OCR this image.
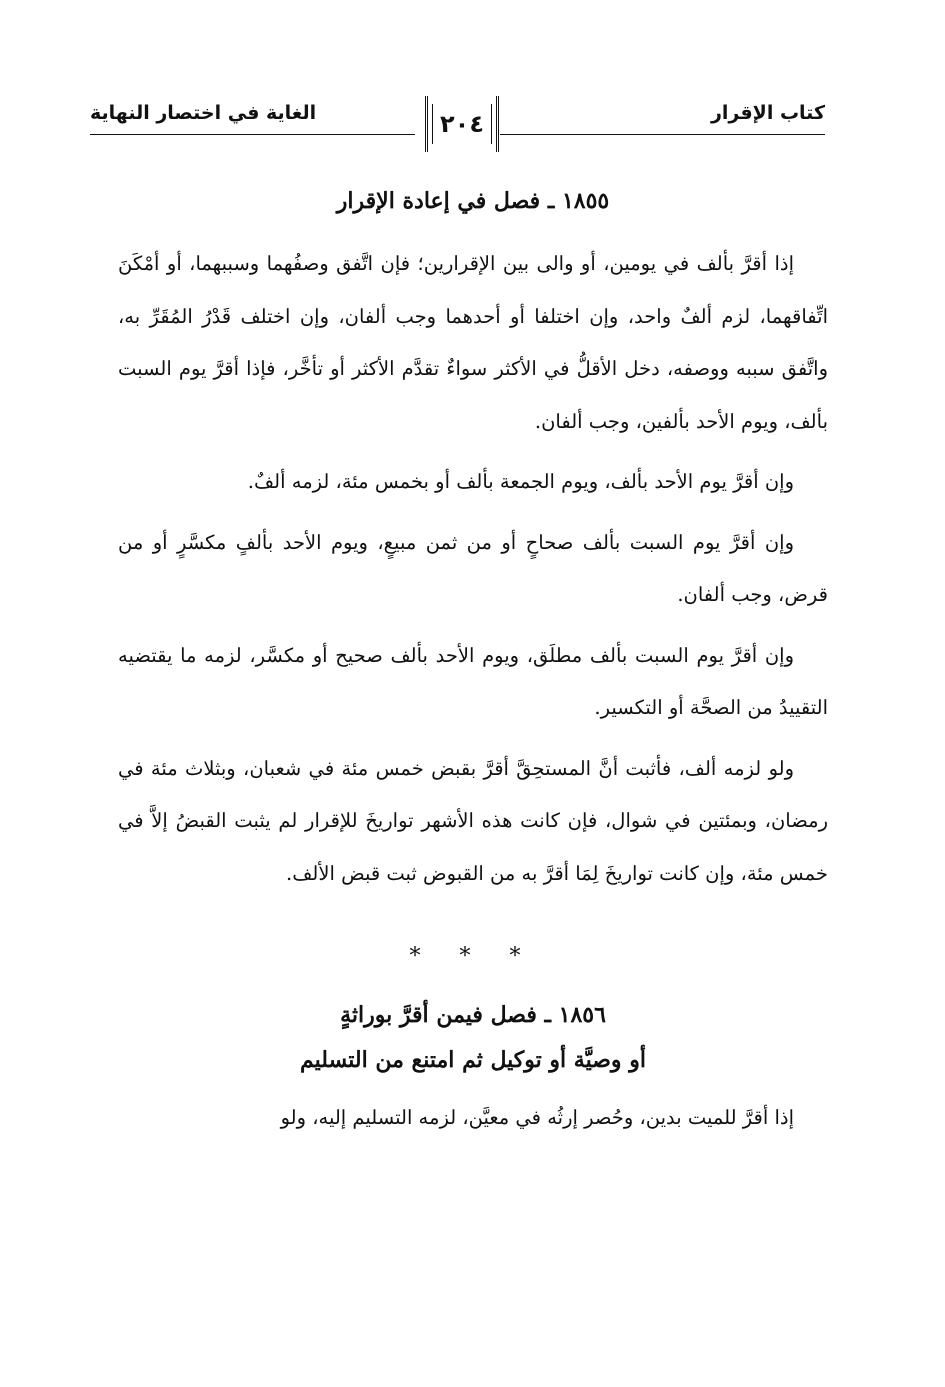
كتاب الإقرار
٢٠٤
الغاية في اختصار النهاية
١٨٥٥ ـ فصل في إعادة الإقرار

إذا أقرَّ بألف في يومين، أو والى بين الإقرارين؛ فإن اتَّفق وصفُهما وسببهما، أو أمْكَنَ اتِّفاقهما، لزم ألفٌ واحد، وإن اختلفا أو أحدهما وجب ألفان، وإن اختلف قَدْرُ المُقَرِّ به، واتَّفق سببه ووصفه، دخل الأقلُّ في الأكثر سواءٌ تقدَّم الأكثر أو تأخَّر، فإذا أقرَّ يوم السبت بألف، ويوم الأحد بألفين، وجب ألفان.

وإن أقرَّ يوم الأحد بألف، ويوم الجمعة بألف أو بخمس مئة، لزمه ألفٌ.

وإن أقرَّ يوم السبت بألف صحاحٍ أو من ثمن مبيعٍ، ويوم الأحد بألفٍ مكسَّرٍ أو من قرض، وجب ألفان.

وإن أقرَّ يوم السبت بألف مطلَق، ويوم الأحد بألف صحيح أو مكسَّر، لزمه ما يقتضيه التقييدُ من الصحَّة أو التكسير.

ولو لزمه ألف، فأثبت أنَّ المستحِقَّ أقرَّ بقبض خمس مئة في شعبان، وبثلاث مئة في رمضان، وبمئتين في شوال، فإن كانت هذه الأشهر تواريخَ للإقرار لم يثبت القبضُ إلاَّ في خمس مئة، وإن كانت تواريخَ لِمَا أقرَّ به من القبوض ثبت قبض الألف.

* * *
١٨٥٦ ـ فصل فيمن أقرَّ بوراثةٍ
أو وصيَّة أو توكيل ثم امتنع من التسليم

إذا أقرَّ للميت بدين، وحُصر إرثُه في معيَّن، لزمه التسليم إليه، ولو
